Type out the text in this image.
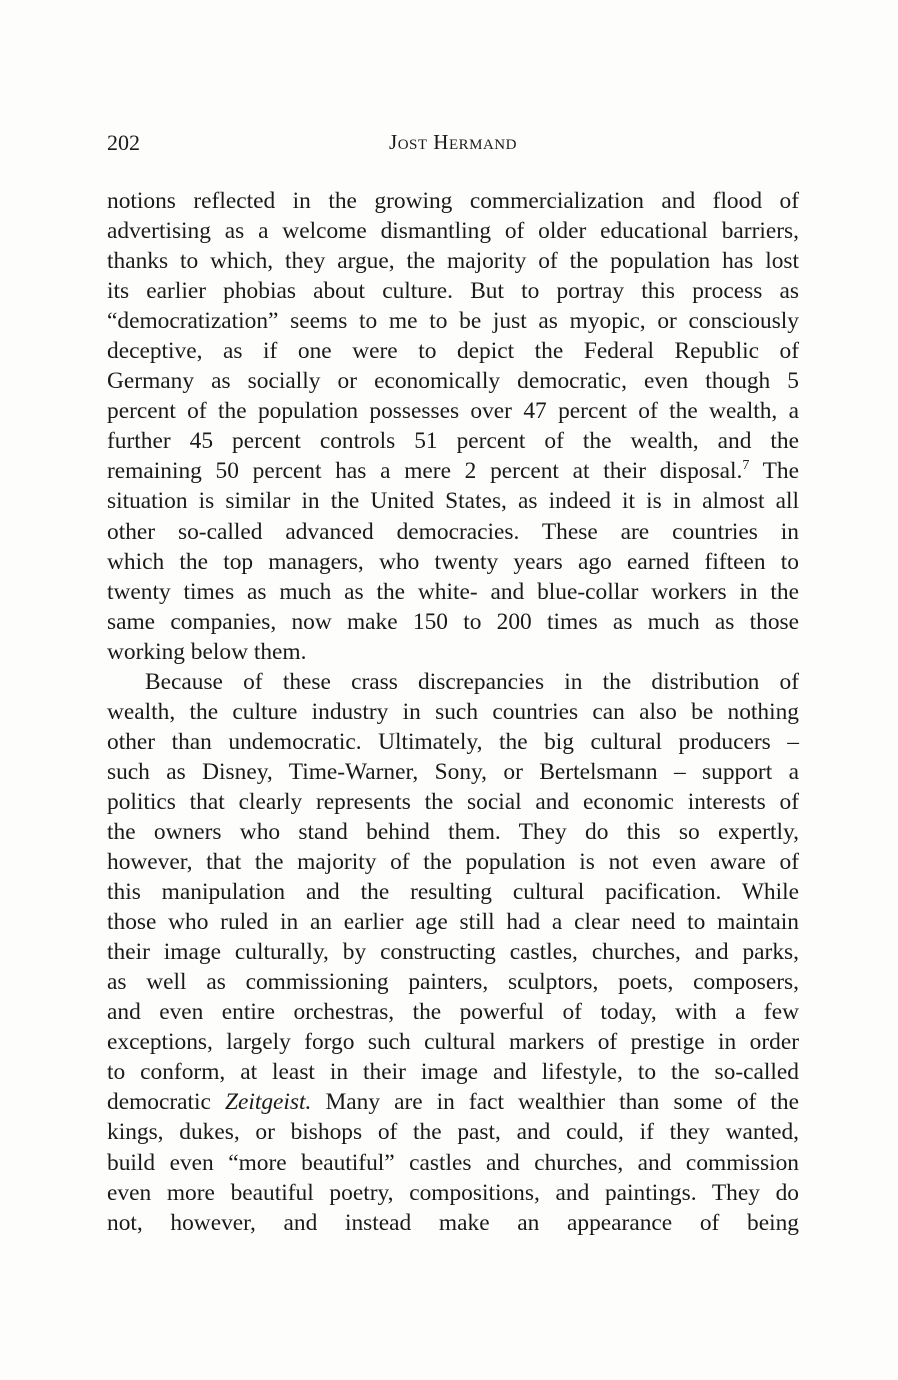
202	Jost Hermand
notions reflected in the growing commercialization and flood of
advertising as a welcome dismantling of older educational barriers,
thanks to which, they argue, the majority of the population has lost
its earlier phobias about culture. But to portray this process as
“democratization” seems to me to be just as myopic, or consciously
deceptive, as if one were to depict the Federal Republic of
Germany as socially or economically democratic, even though 5
percent of the population possesses over 47 percent of the wealth, a
further 45 percent controls 51 percent of the wealth, and the
remaining 50 percent has a mere 2 percent at their disposal.$^7$ The
situation is similar in the United States, as indeed it is in almost all
other so-called advanced democracies. These are countries in
which the top managers, who twenty years ago earned fifteen to
twenty times as much as the white- and blue-collar workers in the
same companies, now make 150 to 200 times as much as those
working below them.
Because of these crass discrepancies in the distribution of
wealth, the culture industry in such countries can also be nothing
other than undemocratic. Ultimately, the big cultural producers –
such as Disney, Time-Warner, Sony, or Bertelsmann – support a
politics that clearly represents the social and economic interests of
the owners who stand behind them. They do this so expertly,
however, that the majority of the population is not even aware of
this manipulation and the resulting cultural pacification. While
those who ruled in an earlier age still had a clear need to maintain
their image culturally, by constructing castles, churches, and parks,
as well as commissioning painters, sculptors, poets, composers,
and even entire orchestras, the powerful of today, with a few
exceptions, largely forgo such cultural markers of prestige in order
to conform, at least in their image and lifestyle, to the so-called
democratic Zeitgeist. Many are in fact wealthier than some of the
kings, dukes, or bishops of the past, and could, if they wanted,
build even “more beautiful” castles and churches, and commission
even more beautiful poetry, compositions, and paintings. They do
not, however, and instead make an appearance of being
